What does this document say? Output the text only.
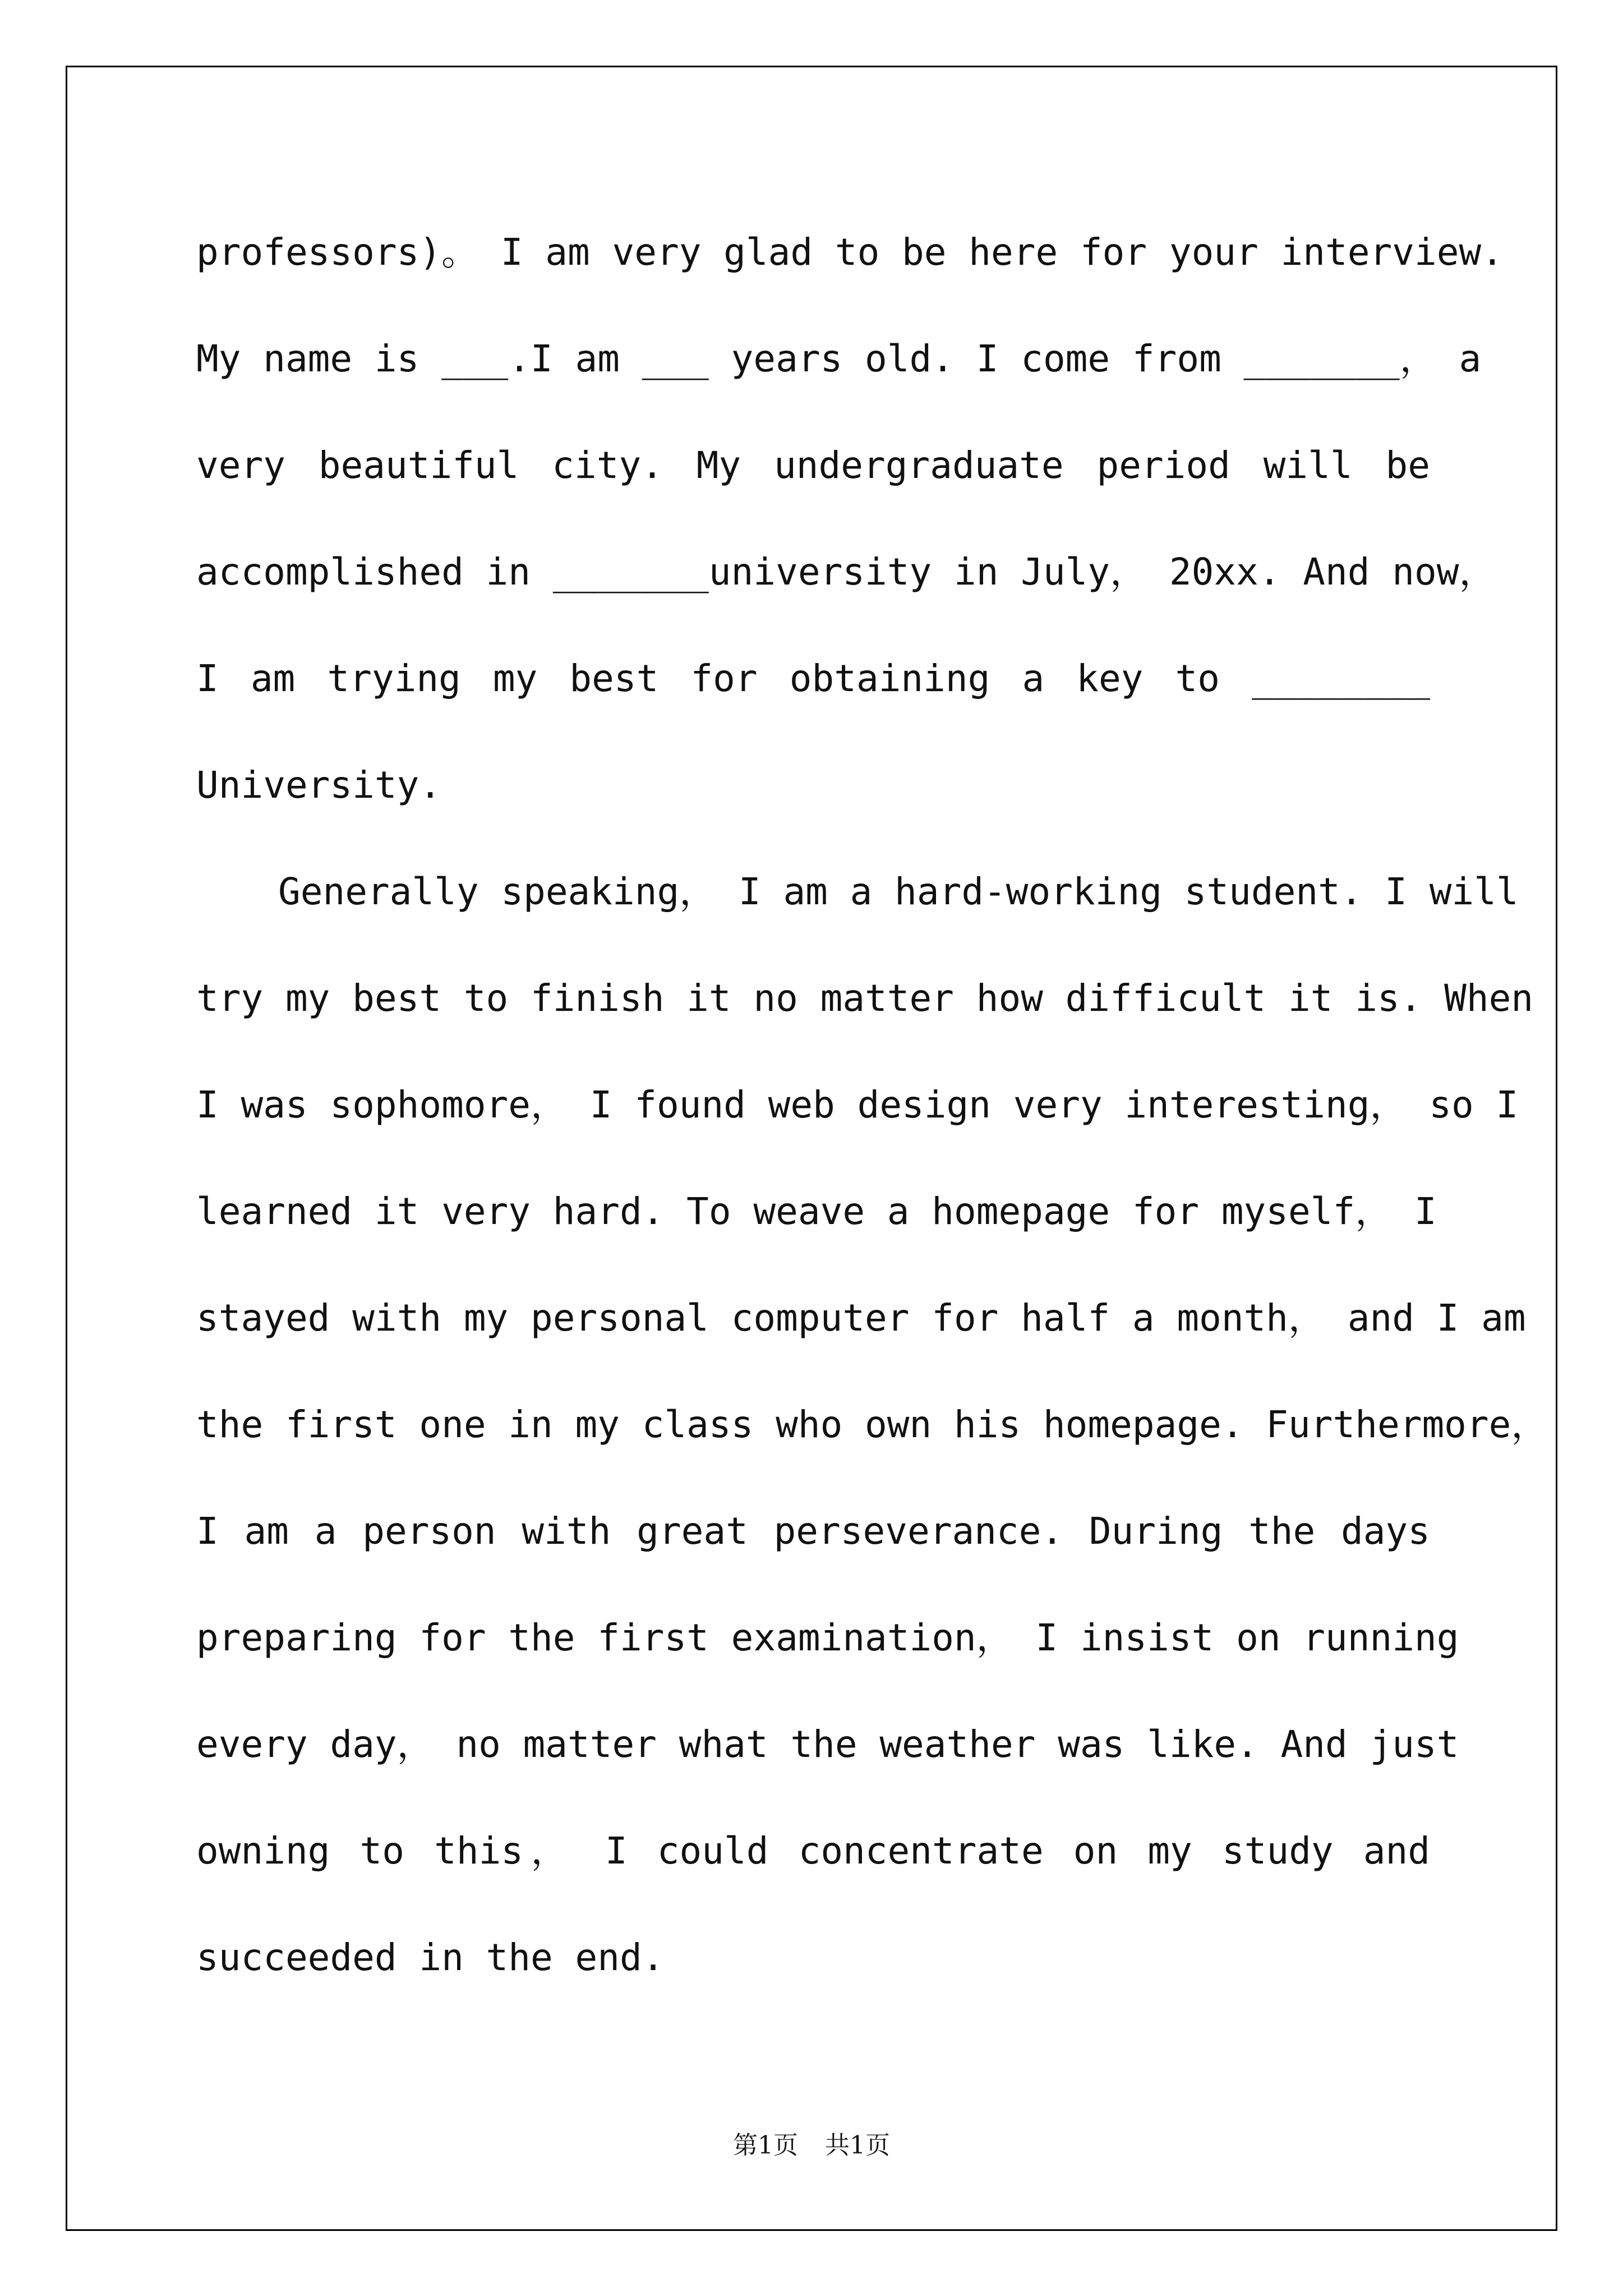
professors)。 I am very glad to be here for your interview.
My name is ___.I am ___ years old. I come from _______， a
very beautiful city. My undergraduate period will be
accomplished in _______university in July， 20xx. And now，
I am trying my best for obtaining a key to ________
University.
Generally speaking， I am a hard-working student. I will
try my best to finish it no matter how difficult it is. When
I was sophomore， I found web design very interesting， so I
learned it very hard. To weave a homepage for myself， I
stayed with my personal computer for half a month， and I am
the first one in my class who own his homepage. Furthermore，
I am a person with great perseverance. During the days
preparing for the first examination， I insist on running
every day， no matter what the weather was like. And just
owning to this， I could concentrate on my study and
succeeded in the end.
第1页 共1页
